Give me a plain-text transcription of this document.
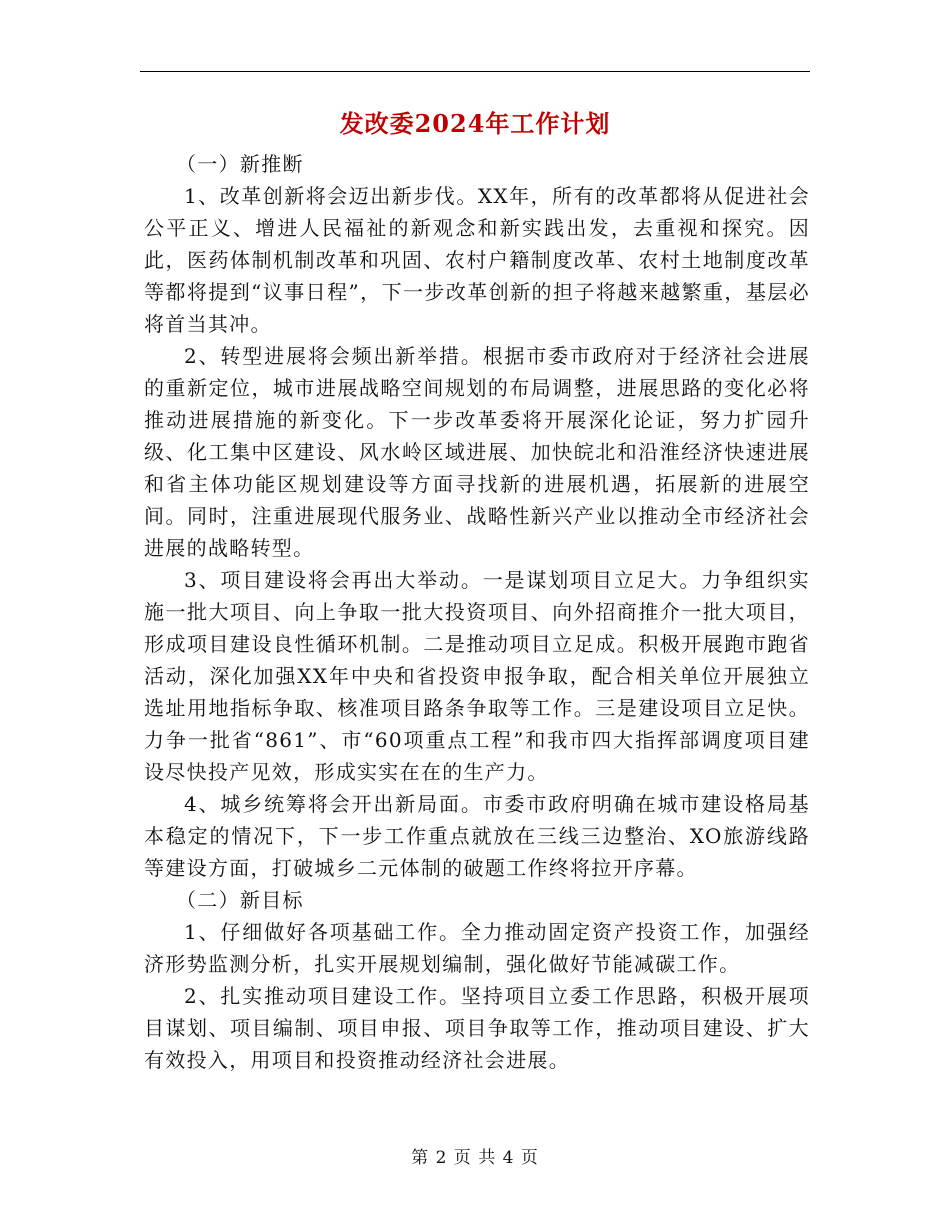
发改委2024年工作计划

（一）新推断

1、改革创新将会迈出新步伐。XX年，所有的改革都将从促进社会公平正义、增进人民福祉的新观念和新实践出发，去重视和探究。因此，医药体制机制改革和巩固、农村户籍制度改革、农村土地制度改革等都将提到“议事日程”，下一步改革创新的担子将越来越繁重，基层必将首当其冲。

2、转型进展将会频出新举措。根据市委市政府对于经济社会进展的重新定位，城市进展战略空间规划的布局调整，进展思路的变化必将推动进展措施的新变化。下一步改革委将开展深化论证，努力扩园升级、化工集中区建设、风水岭区域进展、加快皖北和沿淮经济快速进展和省主体功能区规划建设等方面寻找新的进展机遇，拓展新的进展空间。同时，注重进展现代服务业、战略性新兴产业以推动全市经济社会进展的战略转型。

3、项目建设将会再出大举动。一是谋划项目立足大。力争组织实施一批大项目、向上争取一批大投资项目、向外招商推介一批大项目，形成项目建设良性循环机制。二是推动项目立足成。积极开展跑市跑省活动，深化加强XX年中央和省投资申报争取，配合相关单位开展独立选址用地指标争取、核准项目路条争取等工作。三是建设项目立足快。力争一批省“861”、市“60项重点工程”和我市四大指挥部调度项目建设尽快投产见效，形成实实在在的生产力。

4、城乡统筹将会开出新局面。市委市政府明确在城市建设格局基本稳定的情况下，下一步工作重点就放在三线三边整治、XO旅游线路等建设方面，打破城乡二元体制的破题工作终将拉开序幕。

（二）新目标

1、仔细做好各项基础工作。全力推动固定资产投资工作，加强经济形势监测分析，扎实开展规划编制，强化做好节能减碳工作。

2、扎实推动项目建设工作。坚持项目立委工作思路，积极开展项目谋划、项目编制、项目申报、项目争取等工作，推动项目建设、扩大有效投入，用项目和投资推动经济社会进展。

第 2 页 共 4 页
